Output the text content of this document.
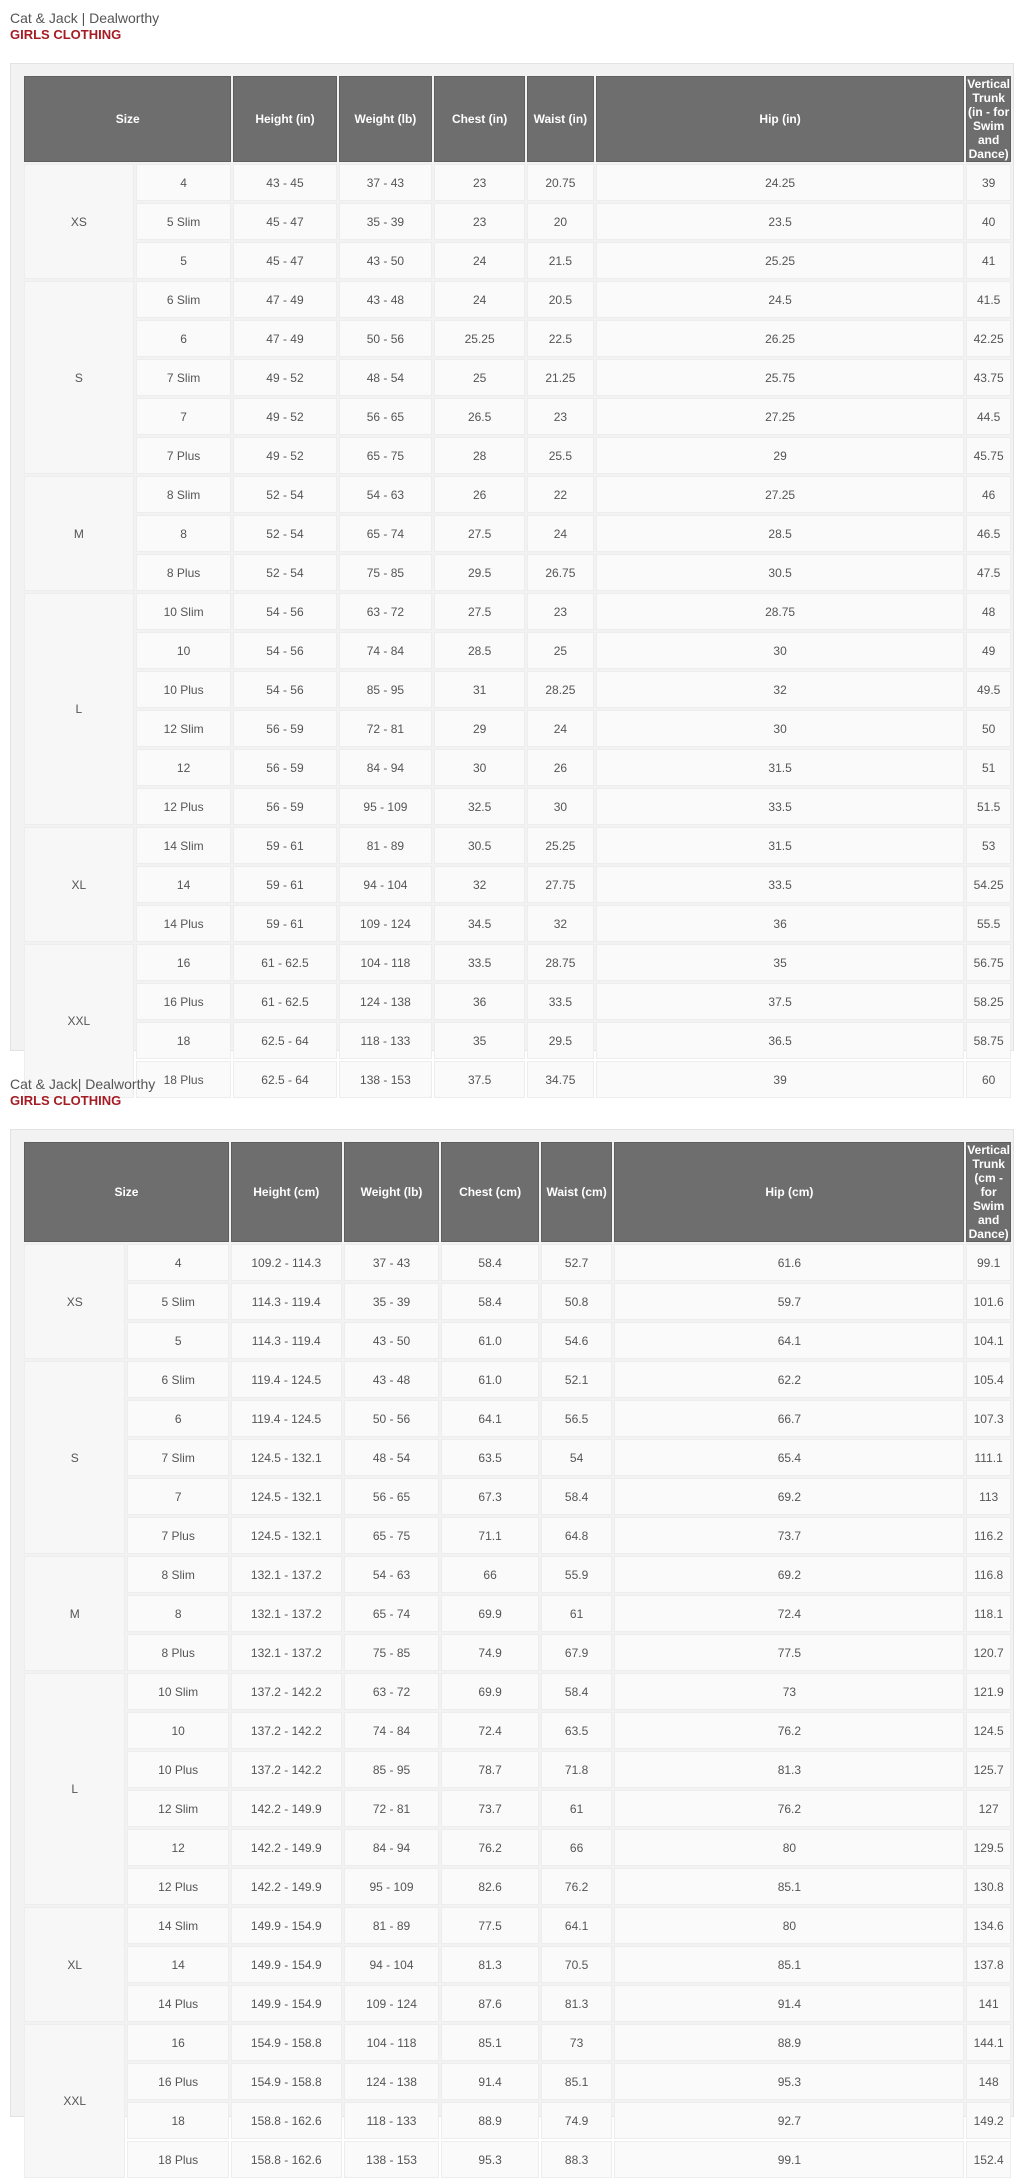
Cat & Jack | Dealworthy
GIRLS CLOTHING
Size		Height (in)	Weight (lb)	Chest (in)	Waist (in)	Hip (in)	Vertical Trunk (in - for Swim and Dance)
XS	4	43 - 45	37 - 43	23	20.75	24.25	39
	5 Slim	45 - 47	35 - 39	23	20	23.5	40
	5	45 - 47	43 - 50	24	21.5	25.25	41
S	6 Slim	47 - 49	43 - 48	24	20.5	24.5	41.5
	6	47 - 49	50 - 56	25.25	22.5	26.25	42.25
	7 Slim	49 - 52	48 - 54	25	21.25	25.75	43.75
	7	49 - 52	56 - 65	26.5	23	27.25	44.5
	7 Plus	49 - 52	65 - 75	28	25.5	29	45.75
M	8 Slim	52 - 54	54 - 63	26	22	27.25	46
	8	52 - 54	65 - 74	27.5	24	28.5	46.5
	8 Plus	52 - 54	75 - 85	29.5	26.75	30.5	47.5
L	10 Slim	54 - 56	63 - 72	27.5	23	28.75	48
	10	54 - 56	74 - 84	28.5	25	30	49
	10 Plus	54 - 56	85 - 95	31	28.25	32	49.5
	12 Slim	56 - 59	72 - 81	29	24	30	50
	12	56 - 59	84 - 94	30	26	31.5	51
	12 Plus	56 - 59	95 - 109	32.5	30	33.5	51.5
XL	14 Slim	59 - 61	81 - 89	30.5	25.25	31.5	53
	14	59 - 61	94 - 104	32	27.75	33.5	54.25
	14 Plus	59 - 61	109 - 124	34.5	32	36	55.5
XXL	16	61 - 62.5	104 - 118	33.5	28.75	35	56.75
	16 Plus	61 - 62.5	124 - 138	36	33.5	37.5	58.25
	18	62.5 - 64	118 - 133	35	29.5	36.5	58.75
	18 Plus	62.5 - 64	138 - 153	37.5	34.75	39	60
Cat & Jack| Dealworthy
GIRLS CLOTHING
Size		Height (cm)	Weight (lb)	Chest (cm)	Waist (cm)	Hip (cm)	Vertical Trunk (cm - for Swim and Dance)
XS	4	109.2 - 114.3	37 - 43	58.4	52.7	61.6	99.1
	5 Slim	114.3 - 119.4	35 - 39	58.4	50.8	59.7	101.6
	5	114.3 - 119.4	43 - 50	61.0	54.6	64.1	104.1
S	6 Slim	119.4 - 124.5	43 - 48	61.0	52.1	62.2	105.4
	6	119.4 - 124.5	50 - 56	64.1	56.5	66.7	107.3
	7 Slim	124.5 - 132.1	48 - 54	63.5	54	65.4	111.1
	7	124.5 - 132.1	56 - 65	67.3	58.4	69.2	113
	7 Plus	124.5 - 132.1	65 - 75	71.1	64.8	73.7	116.2
M	8 Slim	132.1 - 137.2	54 - 63	66	55.9	69.2	116.8
	8	132.1 - 137.2	65 - 74	69.9	61	72.4	118.1
	8 Plus	132.1 - 137.2	75 - 85	74.9	67.9	77.5	120.7
L	10 Slim	137.2 - 142.2	63 - 72	69.9	58.4	73	121.9
	10	137.2 - 142.2	74 - 84	72.4	63.5	76.2	124.5
	10 Plus	137.2 - 142.2	85 - 95	78.7	71.8	81.3	125.7
	12 Slim	142.2 - 149.9	72 - 81	73.7	61	76.2	127
	12	142.2 - 149.9	84 - 94	76.2	66	80	129.5
	12 Plus	142.2 - 149.9	95 - 109	82.6	76.2	85.1	130.8
XL	14 Slim	149.9 - 154.9	81 - 89	77.5	64.1	80	134.6
	14	149.9 - 154.9	94 - 104	81.3	70.5	85.1	137.8
	14 Plus	149.9 - 154.9	109 - 124	87.6	81.3	91.4	141
XXL	16	154.9 - 158.8	104 - 118	85.1	73	88.9	144.1
	16 Plus	154.9 - 158.8	124 - 138	91.4	85.1	95.3	148
	18	158.8 - 162.6	118 - 133	88.9	74.9	92.7	149.2
	18 Plus	158.8 - 162.6	138 - 153	95.3	88.3	99.1	152.4
